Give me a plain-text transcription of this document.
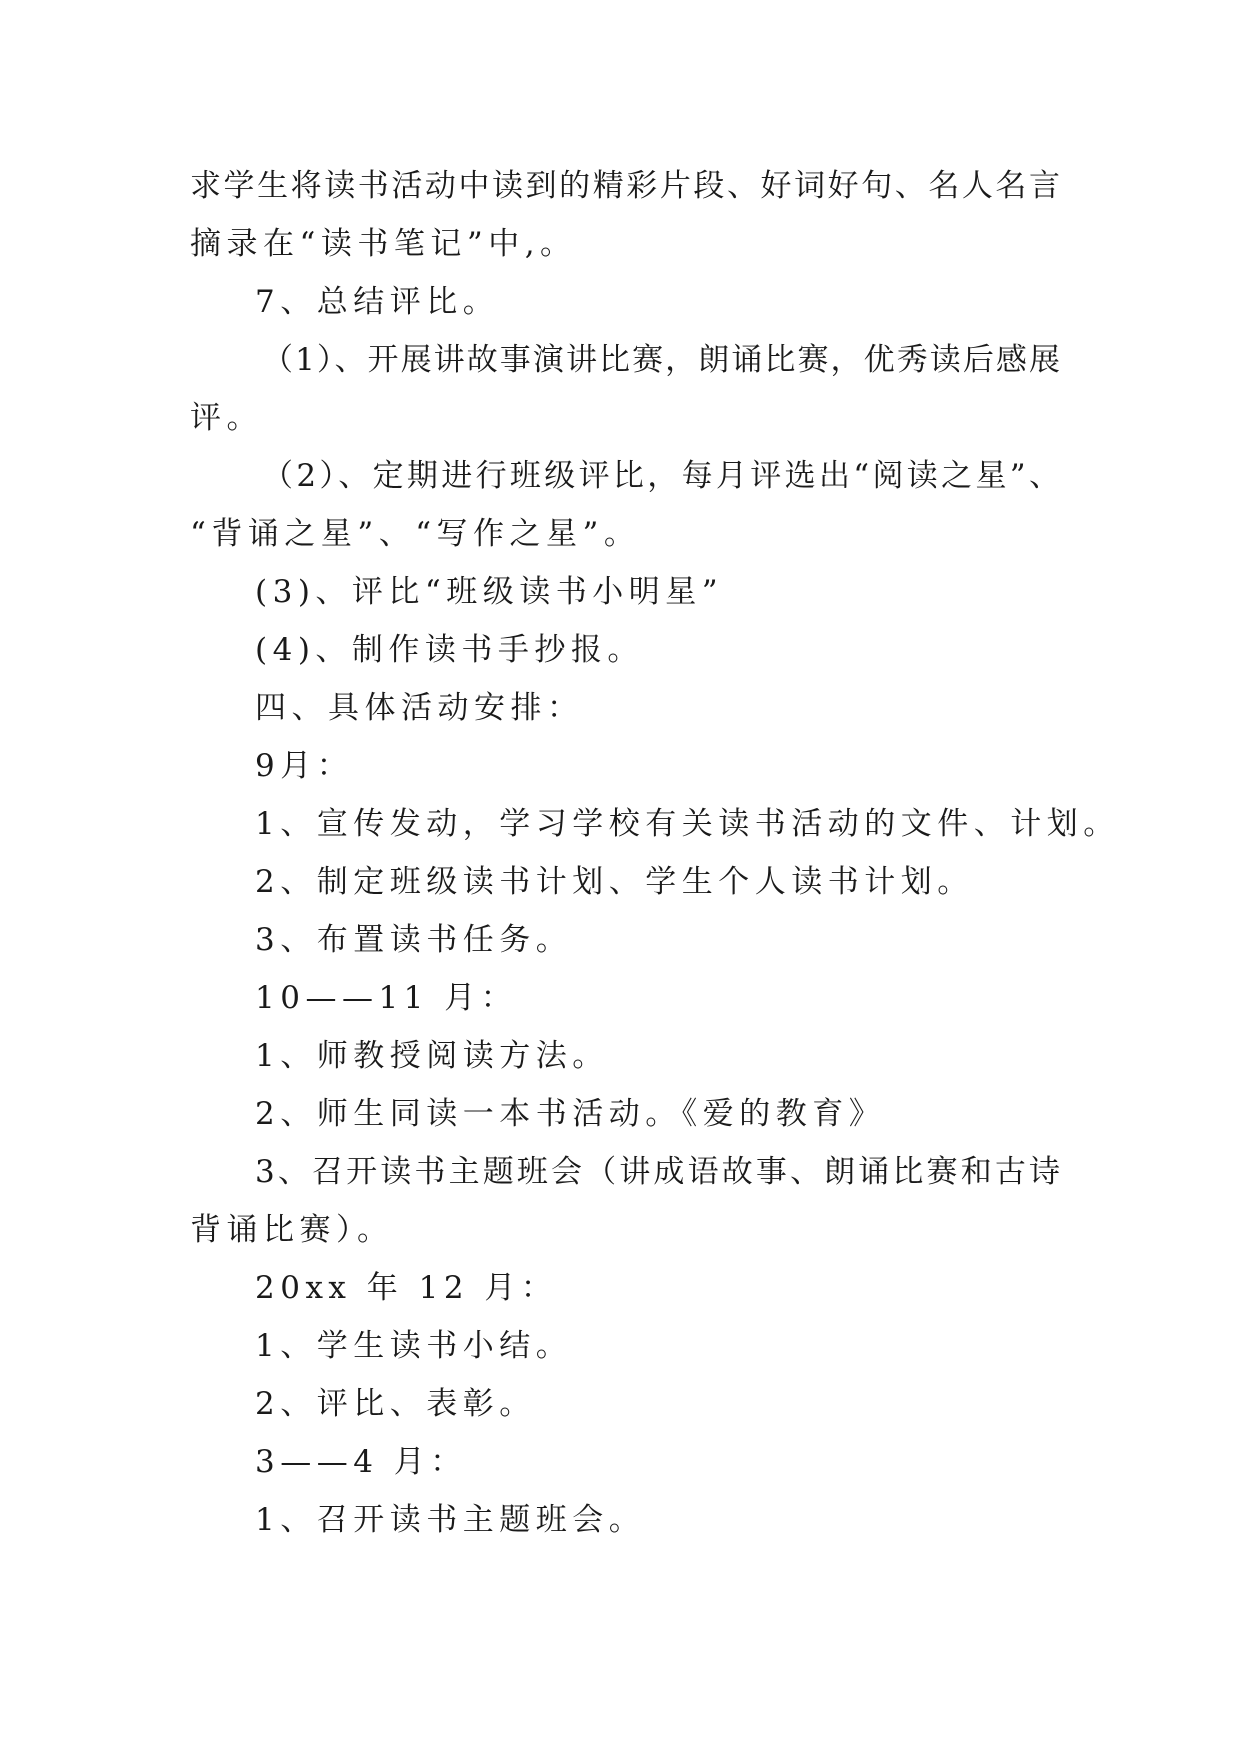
求学生将读书活动中读到的精彩片段、好词好句、名人名言

摘录在“读书笔记”中,。

7、总结评比。

（1）、开展讲故事演讲比赛，朗诵比赛，优秀读后感展

评。

（2）、定期进行班级评比，每月评选出“阅读之星”、

“背诵之星”、“写作之星”。

(3)、评比“班级读书小明星”

(4)、制作读书手抄报。

四、具体活动安排：

9月：

1、宣传发动，学习学校有关读书活动的文件、计划。

2、制定班级读书计划、学生个人读书计划。

3、布置读书任务。

10——11 月：

1、师教授阅读方法。

2、师生同读一本书活动。《爱的教育》

3、召开读书主题班会（讲成语故事、朗诵比赛和古诗

背诵比赛）。

20xx 年 12 月：

1、学生读书小结。

2、评比、表彰。

3——4 月：

1、召开读书主题班会。
